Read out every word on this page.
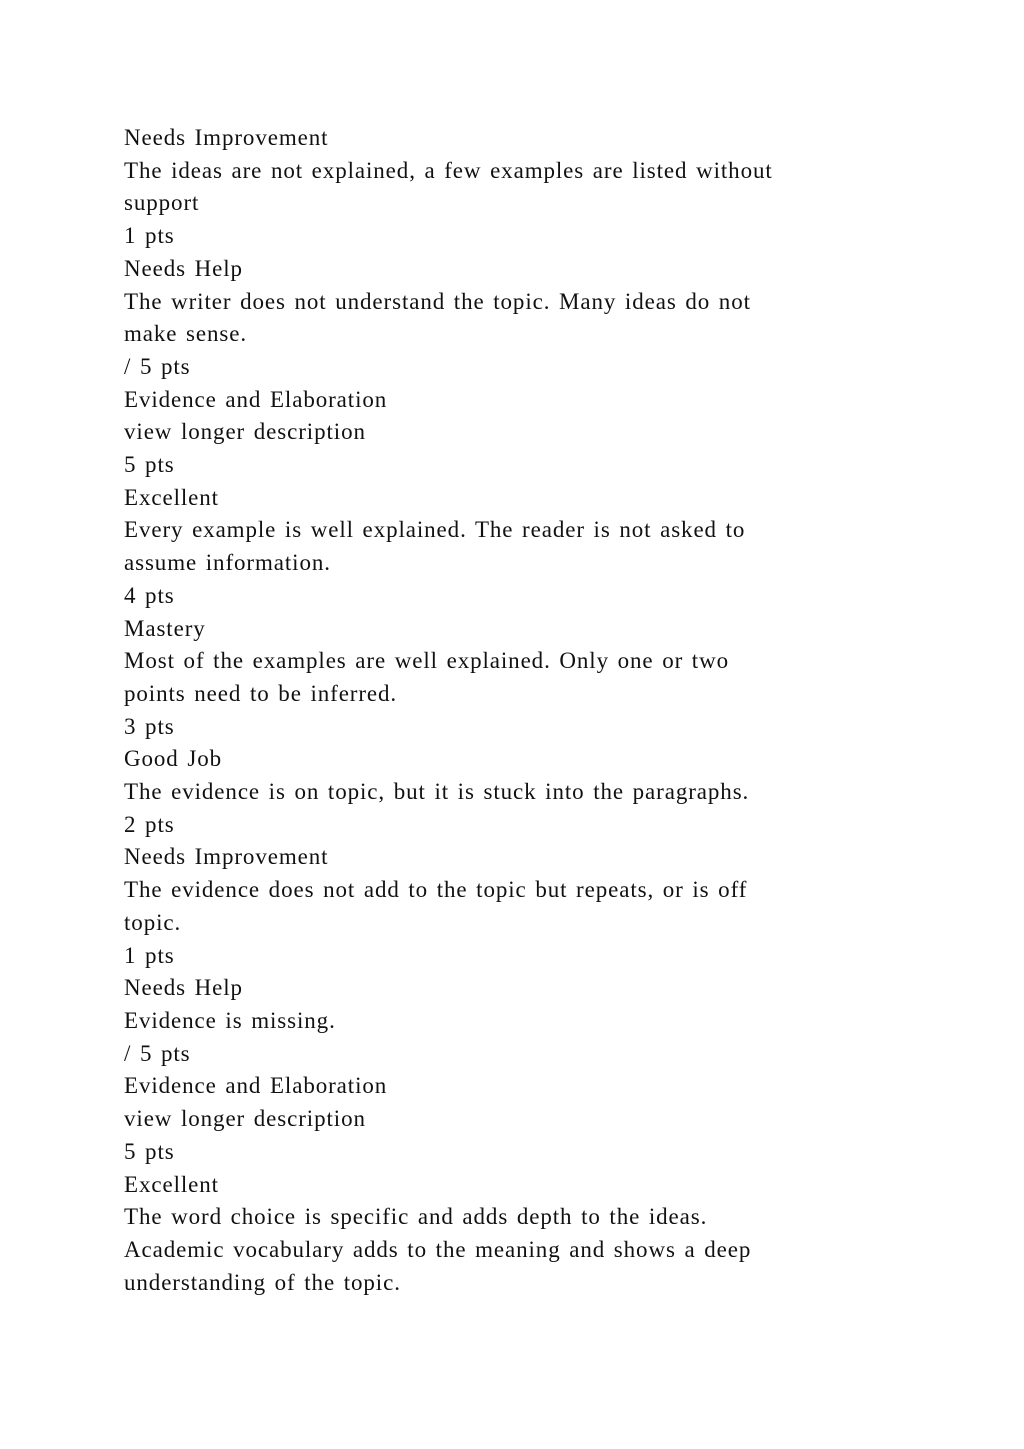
Needs Improvement
The ideas are not explained, a few examples are listed without
support
1 pts
Needs Help
The writer does not understand the topic. Many ideas do not
make sense.
/ 5 pts
Evidence and Elaboration
view longer description
5 pts
Excellent
Every example is well explained. The reader is not asked to
assume information.
4 pts
Mastery
Most of the examples are well explained. Only one or two
points need to be inferred.
3 pts
Good Job
The evidence is on topic, but it is stuck into the paragraphs.
2 pts
Needs Improvement
The evidence does not add to the topic but repeats, or is off
topic.
1 pts
Needs Help
Evidence is missing.
/ 5 pts
Evidence and Elaboration
view longer description
5 pts
Excellent
The word choice is specific and adds depth to the ideas.
Academic vocabulary adds to the meaning and shows a deep
understanding of the topic.
